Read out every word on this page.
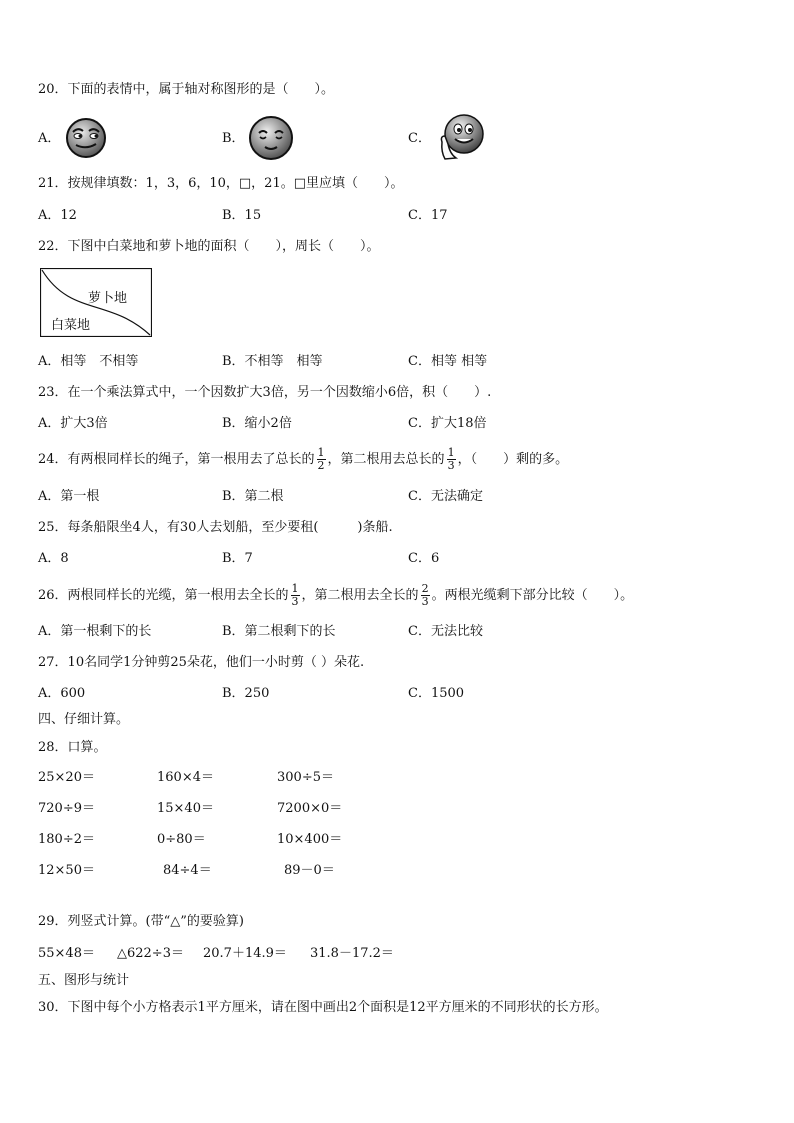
20．下面的表情中，属于轴对称图形的是（　　）。
A．	B．	C．
21．按规律填数：1，3，6，10，□，21。□里应填（　　）。
A．12	B．15	C．17
22．下图中白菜地和萝卜地的面积（　　），周长（　　）。
萝卜地
白菜地
A．相等　不相等	B．不相等　相等	C．相等 相等
23．在一个乘法算式中，一个因数扩大3倍，另一个因数缩小6倍，积（　　）.
A．扩大3倍	B．缩小2倍	C．扩大18倍
24．有两根同样长的绳子，第一根用去了总长的 $\frac{1}{2}$ ，第二根用去总长的 $\frac{1}{3}$ ，（　　）剩的多。
A．第一根	B．第二根	C．无法确定
25．每条船限坐4人，有30人去划船，至少要租(　　　)条船.
A．8	B．7	C．6
26．两根同样长的光缆，第一根用去全长的 $\frac{1}{3}$ ，第二根用去全长的 $\frac{2}{3}$ 。两根光缆剩下部分比较（　　）。
A．第一根剩下的长	B．第二根剩下的长	C．无法比较
27．10名同学1分钟剪25朵花，他们一小时剪（ ）朵花.
A．600	B．250	C．1500
四、仔细计算。
28．口算。
25×20＝	160×4＝	300÷5＝
720÷9＝	15×40＝	7200×0＝
180÷2＝	0÷80＝	10×400＝
12×50＝	84÷4＝	89－0＝
29．列竖式计算。(带“△”的要验算)
55×48＝ △622÷3＝ 20.7＋14.9＝ 31.8－17.2＝
五、图形与统计
30．下图中每个小方格表示1平方厘米，请在图中画出2个面积是12平方厘米的不同形状的长方形。
